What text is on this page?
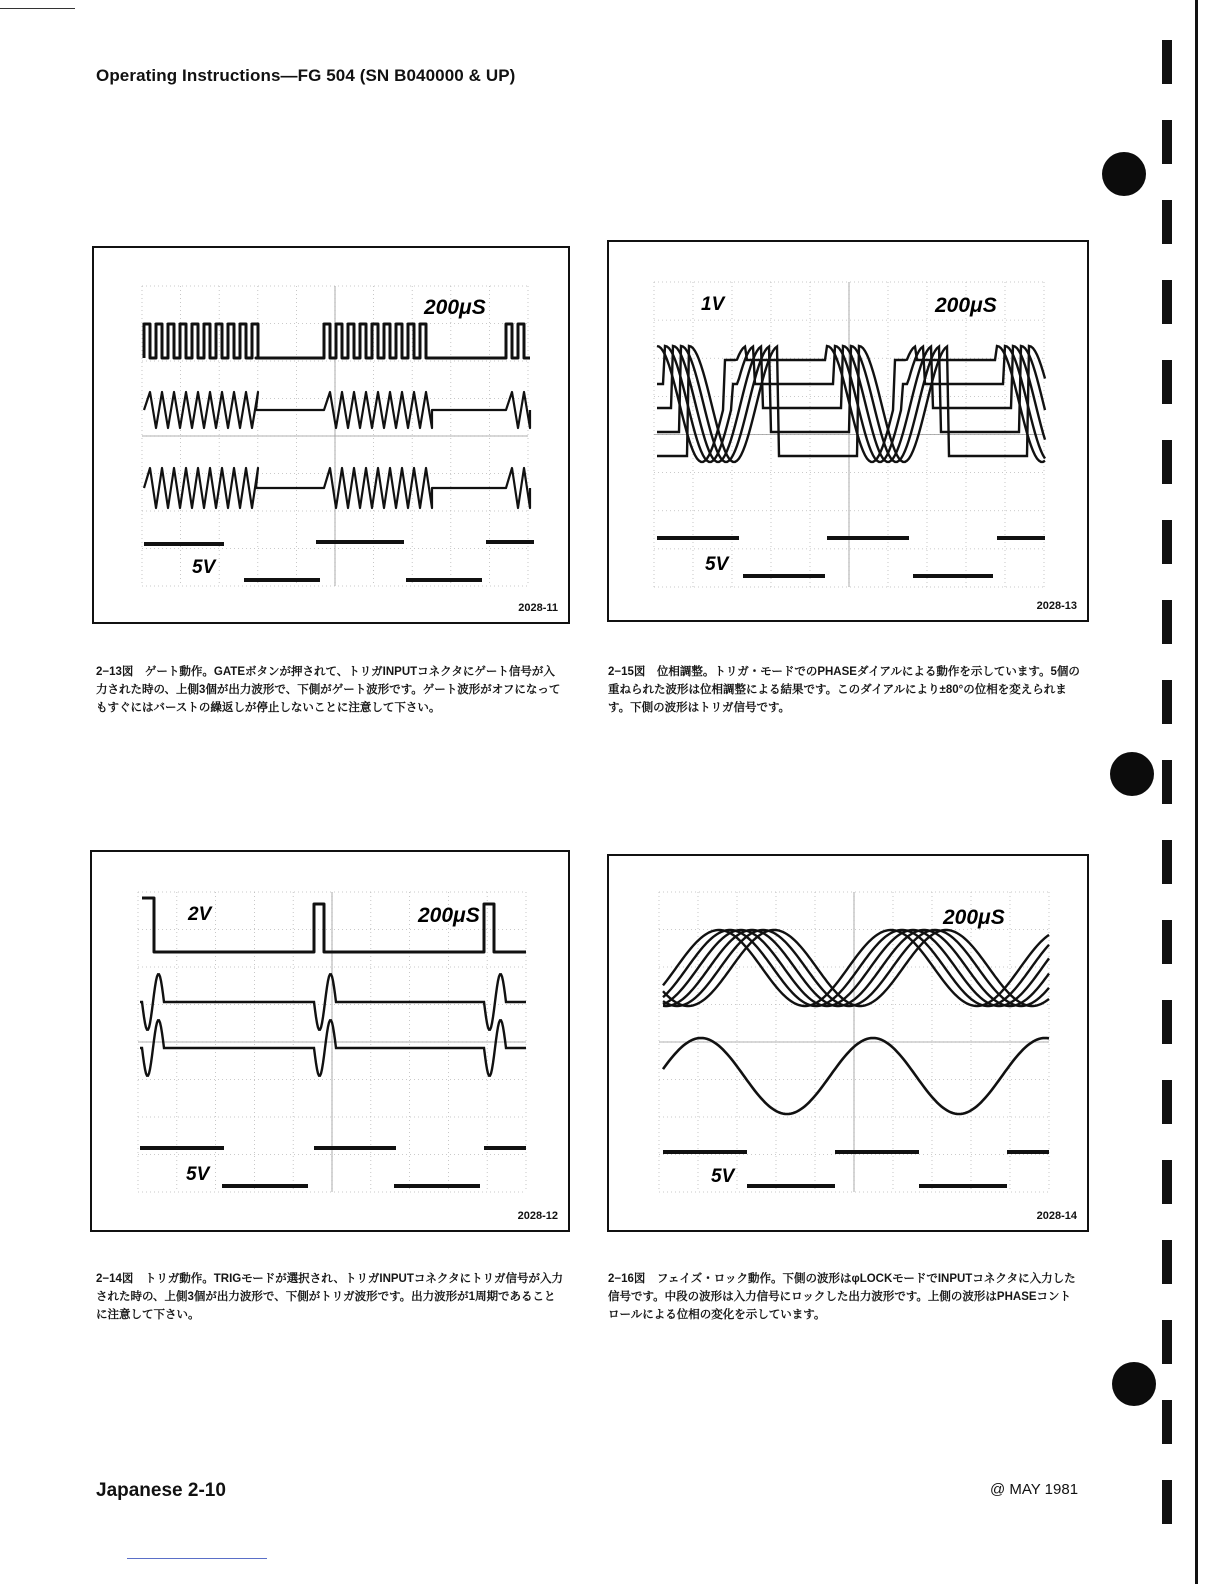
Operating Instructions—FG 504 (SN B040000 & UP)
200μS
5V
2028-11
1V	200μS
5V
2028-13
2V	200μS
5V
2028-12
200μS
5V
2028-14
2−13図　ゲート動作。GATEボタンが押されて、トリガINPUTコネクタにゲート信号が入力された時の、上側3個が出力波形で、下側がゲート波形です。ゲート波形がオフになってもすぐにはバーストの繰返しが停止しないことに注意して下さい。
2−15図　位相調整。トリガ・モードでのPHASEダイアルによる動作を示しています。5個の重ねられた波形は位相調整による結果です。このダイアルにより±80°の位相を変えられます。下側の波形はトリガ信号です。
2−14図　トリガ動作。TRIGモードが選択され、トリガINPUTコネクタにトリガ信号が入力された時の、上側3個が出力波形で、下側がトリガ波形です。出力波形が1周期であることに注意して下さい。
2−16図　フェイズ・ロック動作。下側の波形はφLOCKモードでINPUTコネクタに入力した信号です。中段の波形は入力信号にロックした出力波形です。上側の波形はPHASEコントロールによる位相の変化を示しています。
Japanese 2-10	@ MAY 1981
